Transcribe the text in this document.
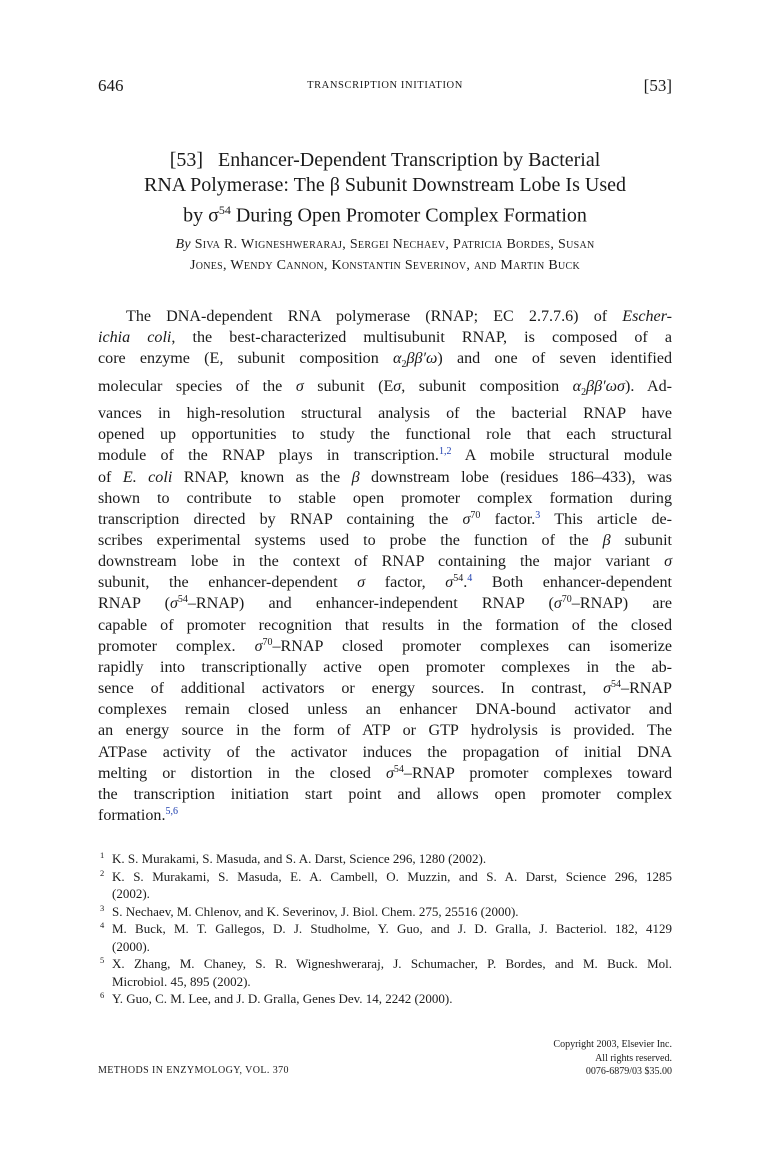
646	TRANSCRIPTION INITIATION	[53]
[53]   Enhancer-Dependent Transcription by Bacterial
RNA Polymerase: The β Subunit Downstream Lobe Is Used
by $\sigma^{54}$ During Open Promoter Complex Formation
By Siva R. Wigneshweraraj, Sergei Nechaev, Patricia Bordes, Susan
Jones, Wendy Cannon, Konstantin Severinov, and Martin Buck
The DNA-dependent RNA polymerase (RNAP; EC 2.7.7.6) of Escher-
ichia coli, the best-characterized multisubunit RNAP, is composed of a
core enzyme (E, subunit composition $\alpha_2\beta\beta'\omega$) and one of seven identified
molecular species of the σ subunit (Eσ, subunit composition $\alpha_2\beta\beta'\omega\sigma$). Ad-
vances in high-resolution structural analysis of the bacterial RNAP have
opened up opportunities to study the functional role that each structural
module of the RNAP plays in transcription.$^{1,2}$ A mobile structural module
of E. coli RNAP, known as the β downstream lobe (residues 186–433), was
shown to contribute to stable open promoter complex formation during
transcription directed by RNAP containing the $\sigma^{70}$ factor.$^3$ This article de-
scribes experimental systems used to probe the function of the β subunit
downstream lobe in the context of RNAP containing the major variant σ
subunit, the enhancer-dependent σ factor, $\sigma^{54}.^4$ Both enhancer-dependent
RNAP $(\sigma^{54}-RNAP)$ and enhancer-independent RNAP $(\sigma^{70}-RNAP)$ are
capable of promoter recognition that results in the formation of the closed
promoter complex. $\sigma^{70}$–RNAP closed promoter complexes can isomerize
rapidly into transcriptionally active open promoter complexes in the ab-
sence of additional activators or energy sources. In contrast, $\sigma^{54}$–RNAP
complexes remain closed unless an enhancer DNA-bound activator and
an energy source in the form of ATP or GTP hydrolysis is provided. The
ATPase activity of the activator induces the propagation of initial DNA
melting or distortion in the closed $\sigma^{54}$–RNAP promoter complexes toward
the transcription initiation start point and allows open promoter complex
formation.$^{5,6}$
1 K. S. Murakami, S. Masuda, and S. A. Darst, Science 296, 1280 (2002).
2 K. S. Murakami, S. Masuda, E. A. Cambell, O. Muzzin, and S. A. Darst, Science 296, 1285
(2002).
3 S. Nechaev, M. Chlenov, and K. Severinov, J. Biol. Chem. 275, 25516 (2000).
4 M. Buck, M. T. Gallegos, D. J. Studholme, Y. Guo, and J. D. Gralla, J. Bacteriol. 182, 4129
(2000).
5 X. Zhang, M. Chaney, S. R. Wigneshweraraj, J. Schumacher, P. Bordes, and M. Buck. Mol.
Microbiol. 45, 895 (2002).
6 Y. Guo, C. M. Lee, and J. D. Gralla, Genes Dev. 14, 2242 (2000).
Copyright 2003, Elsevier Inc.
All rights reserved.
0076-6879/03 $35.00
METHODS IN ENZYMOLOGY, VOL. 370
